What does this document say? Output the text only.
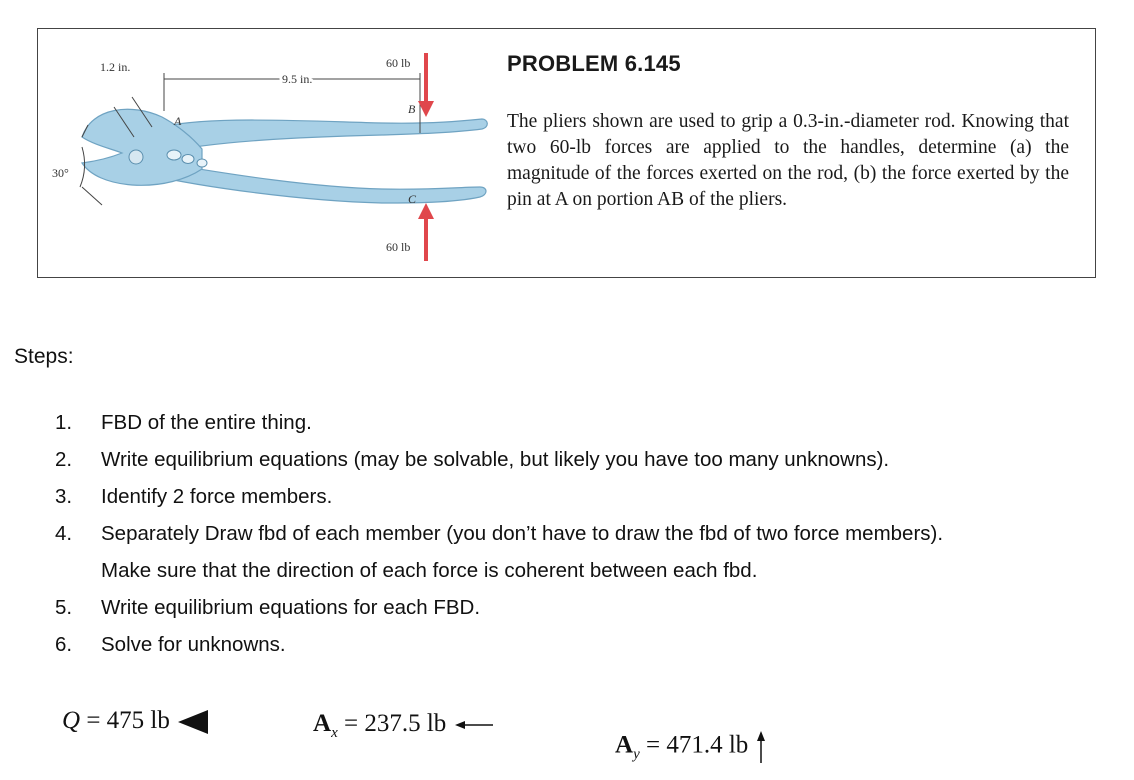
1.2 in.
9.5 in.
30°
60 lb
60 lb
A
B
C
PROBLEM 6.145
The pliers shown are used to grip a 0.3-in.-diameter rod. Knowing that two 60-lb forces are applied to the handles, determine (a) the magnitude of the forces exerted on the rod, (b) the force exerted by the pin at A on portion AB of the pliers.
Steps:
1. FBD of the entire thing.
2. Write equilibrium equations (may be solvable, but likely you have too many unknowns).
3. Identify 2 force members.
4. Separately Draw fbd of each member (you don’t have to draw the fbd of two force members).
Make sure that the direction of each force is coherent between each fbd.
5. Write equilibrium equations for each FBD.
6. Solve for unknowns.
Q = 475 lb	$A_x = 237.5$ lb
$A_y = 471.4$ lb
